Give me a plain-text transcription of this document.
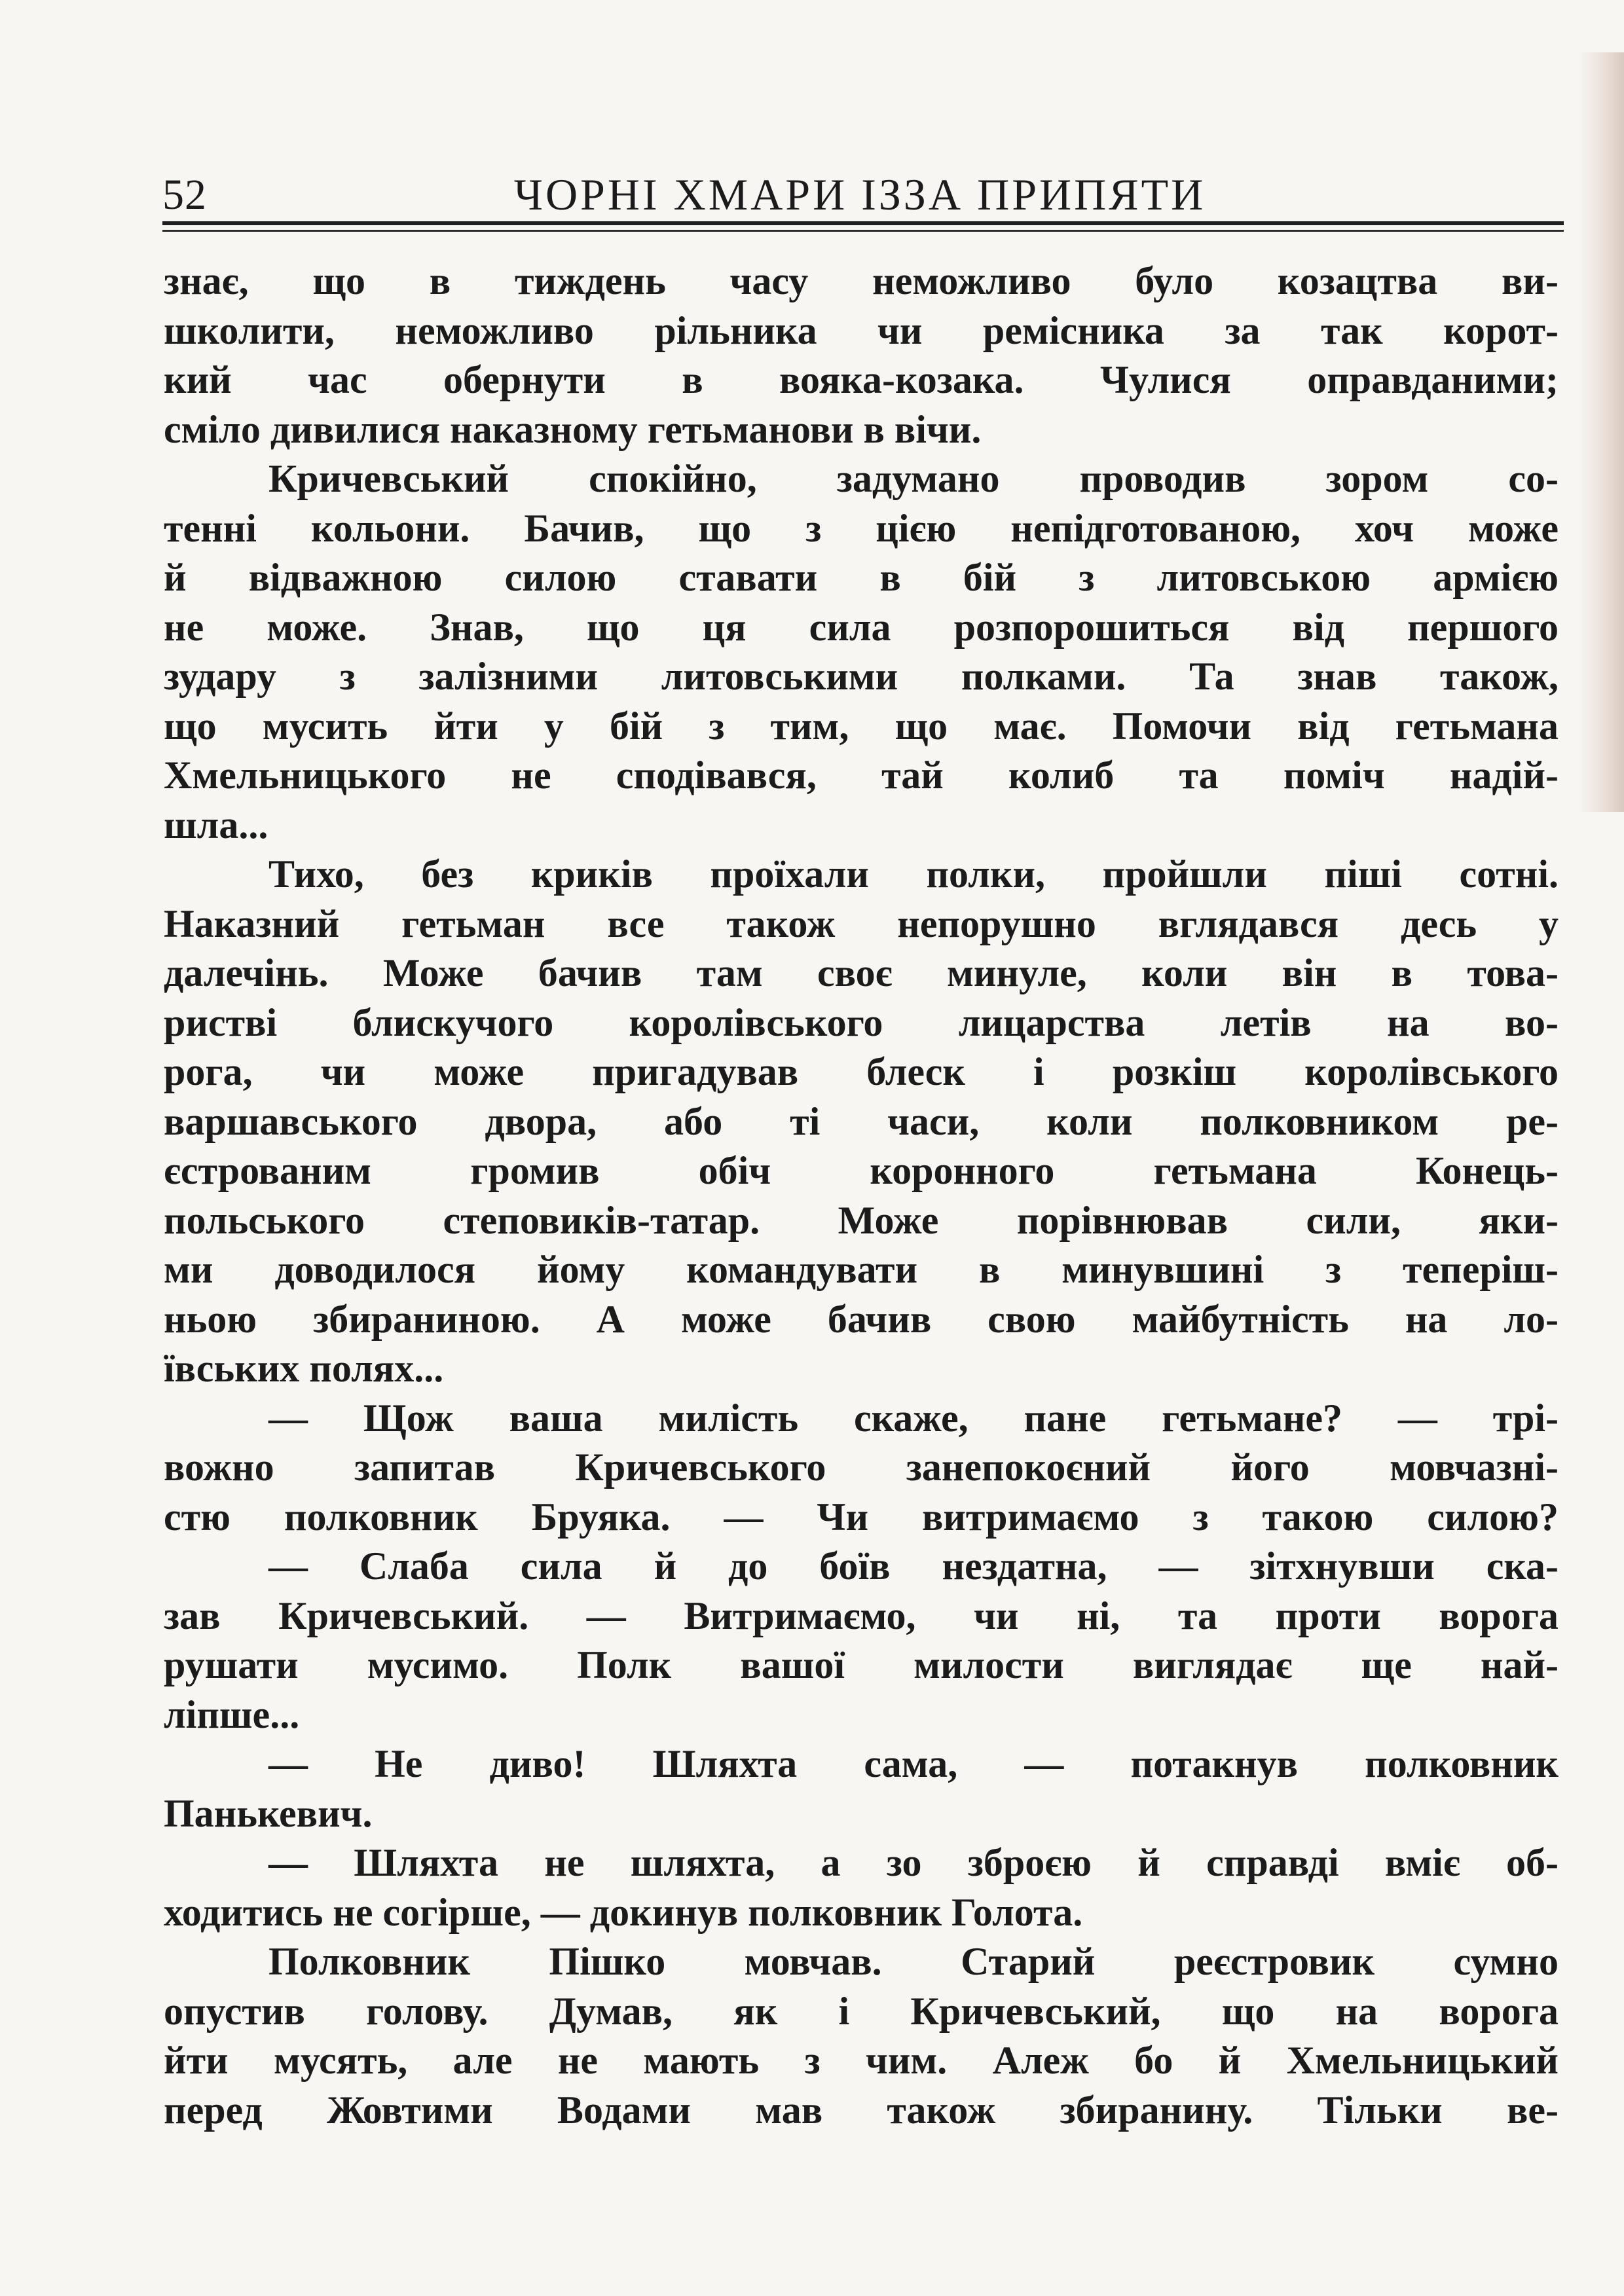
52	ЧОРНІ ХМАРИ ІЗЗА ПРИПЯТИ
знає, що в тиждень часу неможливо було козацтва ви-
школити, неможливо рільника чи ремісника за так корот-
кий час обернути в вояка-козака. Чулися оправданими;
сміло дивилися наказному гетьманови в вічи.
Кричевський спокійно, задумано проводив зором со-
тенні кольони. Бачив, що з цією непідготованою, хоч може
й відважною силою ставати в бій з литовською армією
не може. Знав, що ця сила розпорошиться від першого
зудару з залізними литовськими полками. Та знав також,
що мусить йти у бій з тим, що має. Помочи від гетьмана
Хмельницького не сподівався, тай колиб та поміч надій-
шла...
Тихо, без криків проїхали полки, пройшли піші сотні.
Наказний гетьман все також непорушно вглядався десь у
далечінь. Може бачив там своє минуле, коли він в това-
ристві блискучого королівського лицарства летів на во-
рога, чи може пригадував блеск і розкіш королівського
варшавського двора, або ті часи, коли полковником ре-
єстрованим громив обіч коронного гетьмана Конець-
польського степовиків-татар. Може порівнював сили, яки-
ми доводилося йому командувати в минувшині з теперіш-
ньою збираниною. А може бачив свою майбутність на ло-
ївських полях...
— Щож ваша милість скаже, пане гетьмане? — трі-
вожно запитав Кричевського занепокоєний його мовчазні-
стю полковник Бруяка. — Чи витримаємо з такою силою?
— Слаба сила й до боїв нездатна, — зітхнувши ска-
зав Кричевський. — Витримаємо, чи ні, та проти ворога
рушати мусимо. Полк вашої милости виглядає ще най-
ліпше...
— Не диво! Шляхта сама, — потакнув полковник
Панькевич.
— Шляхта не шляхта, а зо зброєю й справді вміє об-
ходитись не согірше, — докинув полковник Голота.
Полковник Пішко мовчав. Старий реєстровик сумно
опустив голову. Думав, як і Кричевський, що на ворога
йти мусять, але не мають з чим. Алеж бо й Хмельницький
перед Жовтими Водами мав також збиранину. Тільки ве-
